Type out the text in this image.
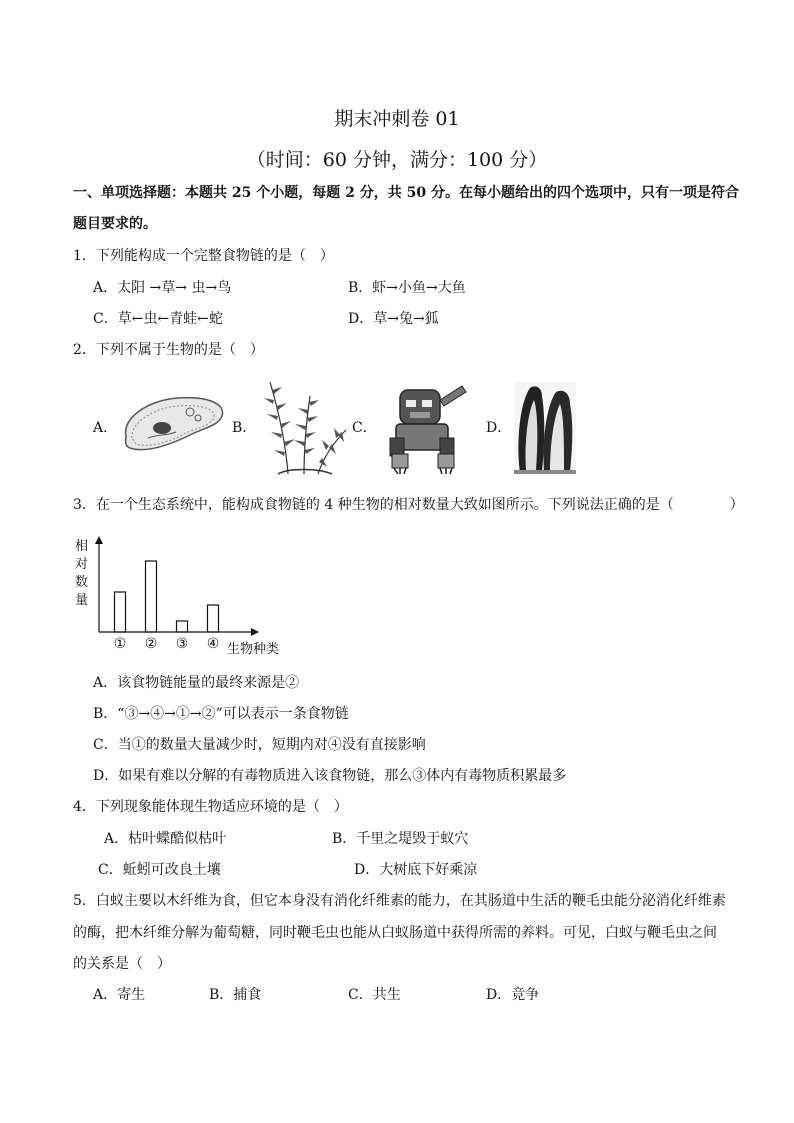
期末冲刺卷 01
（时间：60 分钟，满分：100 分）
一、单项选择题：本题共 25 个小题，每题 2 分，共 50 分。在每小题给出的四个选项中，只有一项是符合
题目要求的。
1．下列能构成一个完整食物链的是（　）
A．太阳 →草→ 虫→鸟	B．虾→小鱼→大鱼
C．草←虫←青蛙←蛇	D．草→兔→狐
2．下列不属于生物的是（　）
A．	B．	C．	D．
3．在一个生态系统中，能构成食物链的 4 种生物的相对数量大致如图所示。下列说法正确的是（　　　　）
相
对
数
量
① ② ③ ④ 生物种类
A．该食物链能量的最终来源是②
B．“③→④→①→②”可以表示一条食物链
C．当①的数量大量减少时，短期内对④没有直接影响
D．如果有难以分解的有毒物质进入该食物链，那么③体内有毒物质积累最多
4．下列现象能体现生物适应环境的是（　）
A．枯叶蝶酷似枯叶	B．千里之堤毁于蚁穴
C．蚯蚓可改良土壤	D．大树底下好乘凉
5．白蚁主要以木纤维为食，但它本身没有消化纤维素的能力，在其肠道中生活的鞭毛虫能分泌消化纤维素
的酶，把木纤维分解为葡萄糖，同时鞭毛虫也能从白蚁肠道中获得所需的养料。可见，白蚁与鞭毛虫之间
的关系是（　）
A．寄生	B．捕食	C．共生	D．竞争
